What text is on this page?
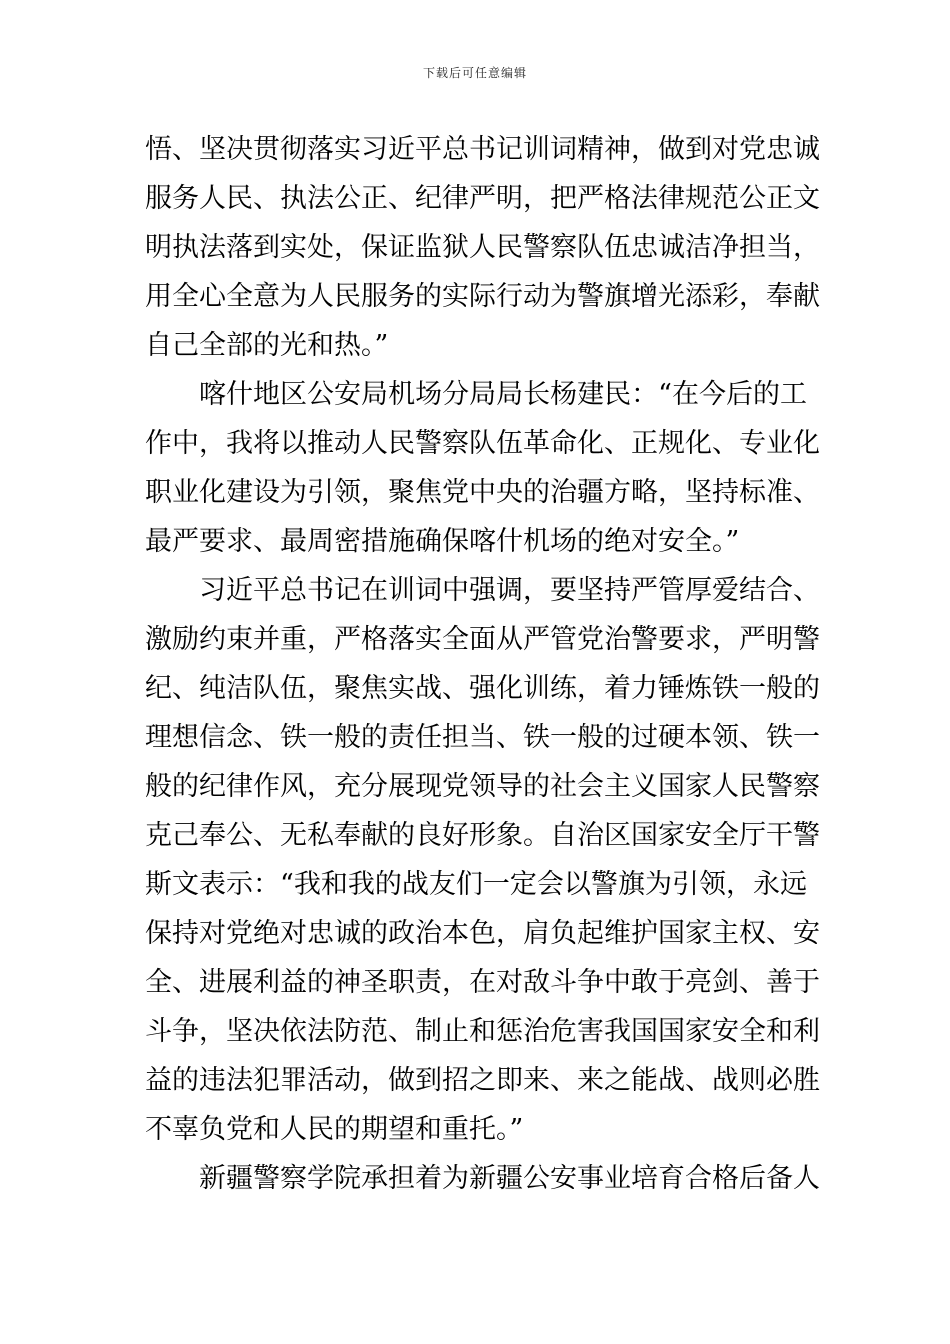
下载后可任意编辑
悟、坚决贯彻落实习近平总书记训词精神，做到对党忠诚
服务人民、执法公正、纪律严明，把严格法律规范公正文
明执法落到实处，保证监狱人民警察队伍忠诚洁净担当，
用全心全意为人民服务的实际行动为警旗增光添彩，奉献
自己全部的光和热。”
　　喀什地区公安局机场分局局长杨建民：“在今后的工
作中，我将以推动人民警察队伍革命化、正规化、专业化
职业化建设为引领，聚焦党中央的治疆方略，坚持标准、
最严要求、最周密措施确保喀什机场的绝对安全。”
　　习近平总书记在训词中强调，要坚持严管厚爱结合、
激励约束并重，严格落实全面从严管党治警要求，严明警
纪、纯洁队伍，聚焦实战、强化训练，着力锤炼铁一般的
理想信念、铁一般的责任担当、铁一般的过硬本领、铁一
般的纪律作风，充分展现党领导的社会主义国家人民警察
克己奉公、无私奉献的良好形象。自治区国家安全厅干警
斯文表示：“我和我的战友们一定会以警旗为引领，永远
保持对党绝对忠诚的政治本色，肩负起维护国家主权、安
全、进展利益的神圣职责，在对敌斗争中敢于亮剑、善于
斗争，坚决依法防范、制止和惩治危害我国国家安全和利
益的违法犯罪活动，做到招之即来、来之能战、战则必胜
不辜负党和人民的期望和重托。”
　　新疆警察学院承担着为新疆公安事业培育合格后备人
